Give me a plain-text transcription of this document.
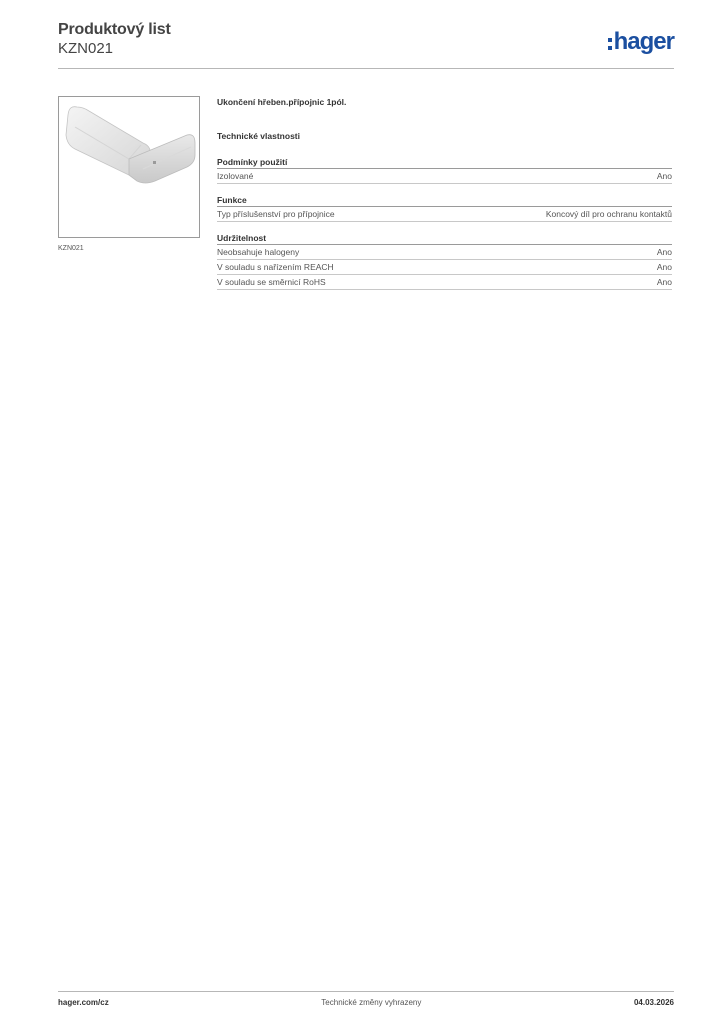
Produktový list
KZN021	hager
KZN021
Ukončení hřeben.přípojnic 1pól.
Technické vlastnosti
Podmínky použití
Izolované	Ano
Funkce
Typ příslušenství pro přípojnice	Koncový díl pro ochranu kontaktů
Udržitelnost
Neobsahuje halogeny	Ano
V souladu s nařízením REACH	Ano
V souladu se směrnicí RoHS	Ano
hager.com/cz	Technické změny vyhrazeny	04.03.2026
